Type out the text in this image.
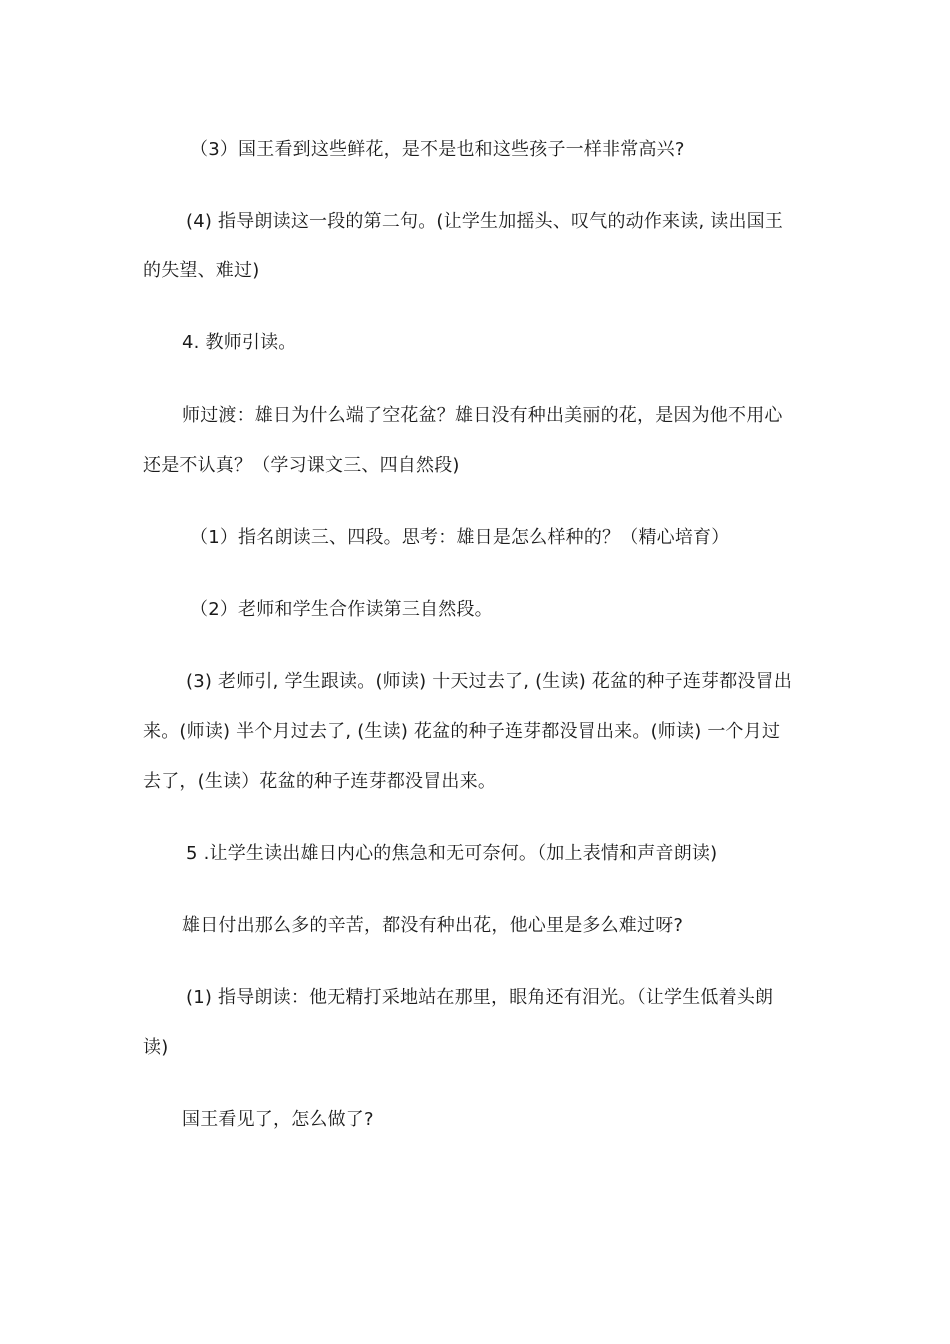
（3）国王看到这些鲜花，是不是也和这些孩子一样非常高兴?
(4) 指导朗读这一段的第二句。(让学生加摇头、叹气的动作来读, 读出国王
的失望、难过)
4. 教师引读。
师过渡：雄日为什么端了空花盆？雄日没有种出美丽的花，是因为他不用心
还是不认真？（学习课文三、四自然段)
（1）指名朗读三、四段。思考：雄日是怎么样种的？（精心培育）
（2）老师和学生合作读第三自然段。
(3) 老师引, 学生跟读。(师读) 十天过去了, (生读) 花盆的种子连芽都没冒出
来。(师读) 半个月过去了, (生读) 花盆的种子连芽都没冒出来。(师读) 一个月过
去了，(生读）花盆的种子连芽都没冒出来。
5 .让学生读出雄日内心的焦急和无可奈何。（加上表情和声音朗读)
雄日付出那么多的辛苦，都没有种出花，他心里是多么难过呀?
(1) 指导朗读：他无精打采地站在那里，眼角还有泪光。（让学生低着头朗
读)
国王看见了，怎么做了?
